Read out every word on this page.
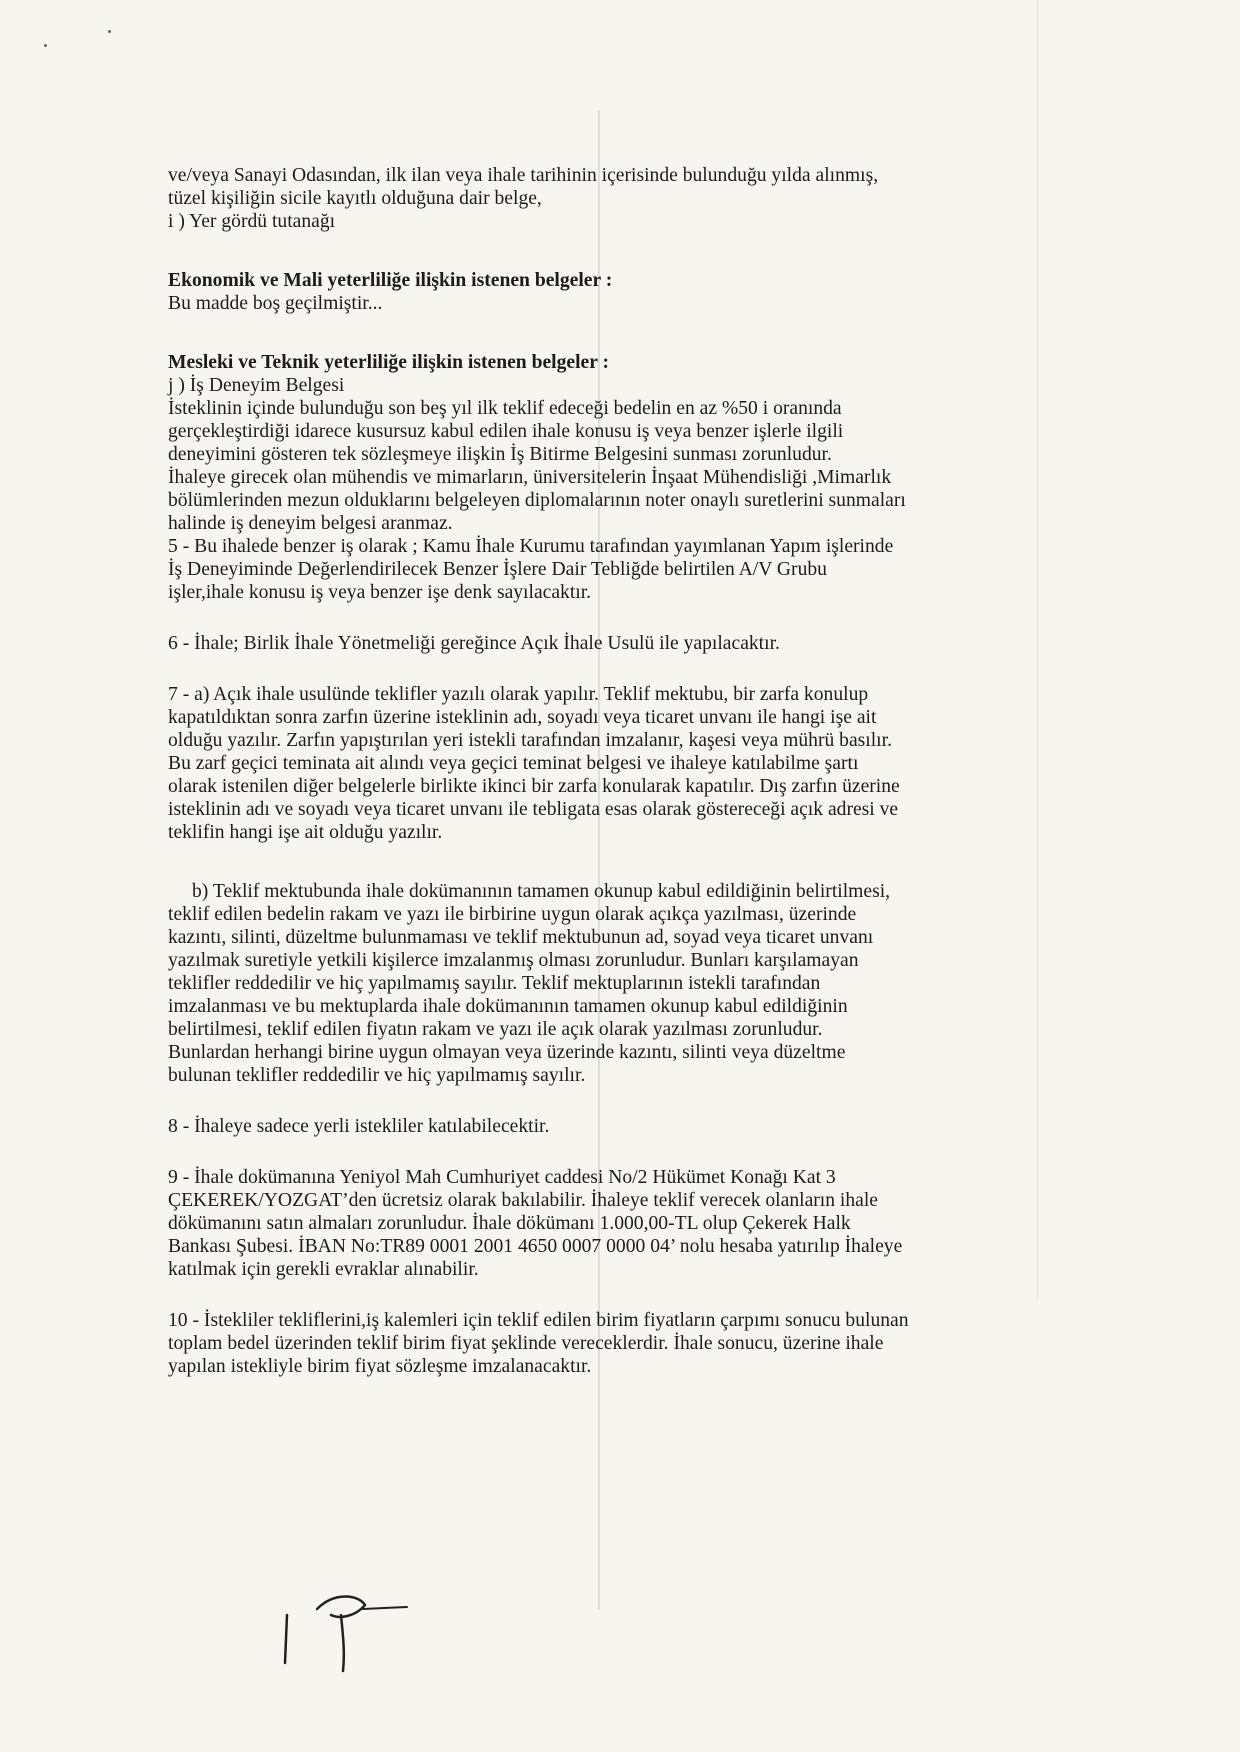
ve/veya Sanayi Odasından, ilk ilan veya ihale tarihinin içerisinde bulunduğu yılda alınmış,

tüzel kişiliğin sicile kayıtlı olduğuna dair belge,

i ) Yer gördü tutanağı

Ekonomik ve Mali yeterliliğe ilişkin istenen belgeler :

Bu madde boş geçilmiştir...

Mesleki ve Teknik yeterliliğe ilişkin istenen belgeler :

j ) İş Deneyim Belgesi

İsteklinin içinde bulunduğu son beş yıl ilk teklif edeceği bedelin en az %50 i oranında

gerçekleştirdiği idarece kusursuz kabul edilen ihale konusu iş veya benzer işlerle ilgili

deneyimini gösteren tek sözleşmeye ilişkin İş Bitirme Belgesini sunması zorunludur.

İhaleye girecek olan mühendis ve mimarların, üniversitelerin İnşaat Mühendisliği ,Mimarlık

bölümlerinden mezun olduklarını belgeleyen diplomalarının noter onaylı suretlerini sunmaları

halinde iş deneyim belgesi aranmaz.

5 - Bu ihalede benzer iş olarak ; Kamu İhale Kurumu tarafından yayımlanan Yapım işlerinde

İş Deneyiminde Değerlendirilecek Benzer İşlere Dair Tebliğde belirtilen A/V Grubu

işler,ihale konusu iş veya benzer işe denk sayılacaktır.

6 - İhale; Birlik İhale Yönetmeliği gereğince Açık İhale Usulü ile yapılacaktır.

7 - a) Açık ihale usulünde teklifler yazılı olarak yapılır. Teklif mektubu, bir zarfa konulup

kapatıldıktan sonra zarfın üzerine isteklinin adı, soyadı veya ticaret unvanı ile hangi işe ait

olduğu yazılır. Zarfın yapıştırılan yeri istekli tarafından imzalanır, kaşesi veya mührü basılır.

Bu zarf geçici teminata ait alındı veya geçici teminat belgesi ve ihaleye katılabilme şartı

olarak istenilen diğer belgelerle birlikte ikinci bir zarfa konularak kapatılır. Dış zarfın üzerine

isteklinin adı ve soyadı veya ticaret unvanı ile tebligata esas olarak göstereceği açık adresi ve

teklifin hangi işe ait olduğu yazılır.

b) Teklif mektubunda ihale dokümanının tamamen okunup kabul edildiğinin belirtilmesi,

teklif edilen bedelin rakam ve yazı ile birbirine uygun olarak açıkça yazılması, üzerinde

kazıntı, silinti, düzeltme bulunmaması ve teklif mektubunun ad, soyad veya ticaret unvanı

yazılmak suretiyle yetkili kişilerce imzalanmış olması zorunludur. Bunları karşılamayan

teklifler reddedilir ve hiç yapılmamış sayılır. Teklif mektuplarının istekli tarafından

imzalanması ve bu mektuplarda ihale dokümanının tamamen okunup kabul edildiğinin

belirtilmesi, teklif edilen fiyatın rakam ve yazı ile açık olarak yazılması zorunludur.

Bunlardan herhangi birine uygun olmayan veya üzerinde kazıntı, silinti veya düzeltme

bulunan teklifler reddedilir ve hiç yapılmamış sayılır.

8 - İhaleye sadece yerli istekliler katılabilecektir.

9 - İhale dokümanına Yeniyol Mah Cumhuriyet caddesi No/2 Hükümet Konağı Kat 3

ÇEKEREK/YOZGAT’den ücretsiz olarak bakılabilir. İhaleye teklif verecek olanların ihale

dökümanını satın almaları zorunludur. İhale dökümanı 1.000,00-TL olup Çekerek Halk

Bankası Şubesi. İBAN No:TR89 0001 2001 4650 0007 0000 04’ nolu hesaba yatırılıp İhaleye

katılmak için gerekli evraklar alınabilir.

10 - İstekliler tekliflerini,iş kalemleri için teklif edilen birim fiyatların çarpımı sonucu bulunan

toplam bedel üzerinden teklif birim fiyat şeklinde vereceklerdir. İhale sonucu, üzerine ihale

yapılan istekliyle birim fiyat sözleşme imzalanacaktır.
